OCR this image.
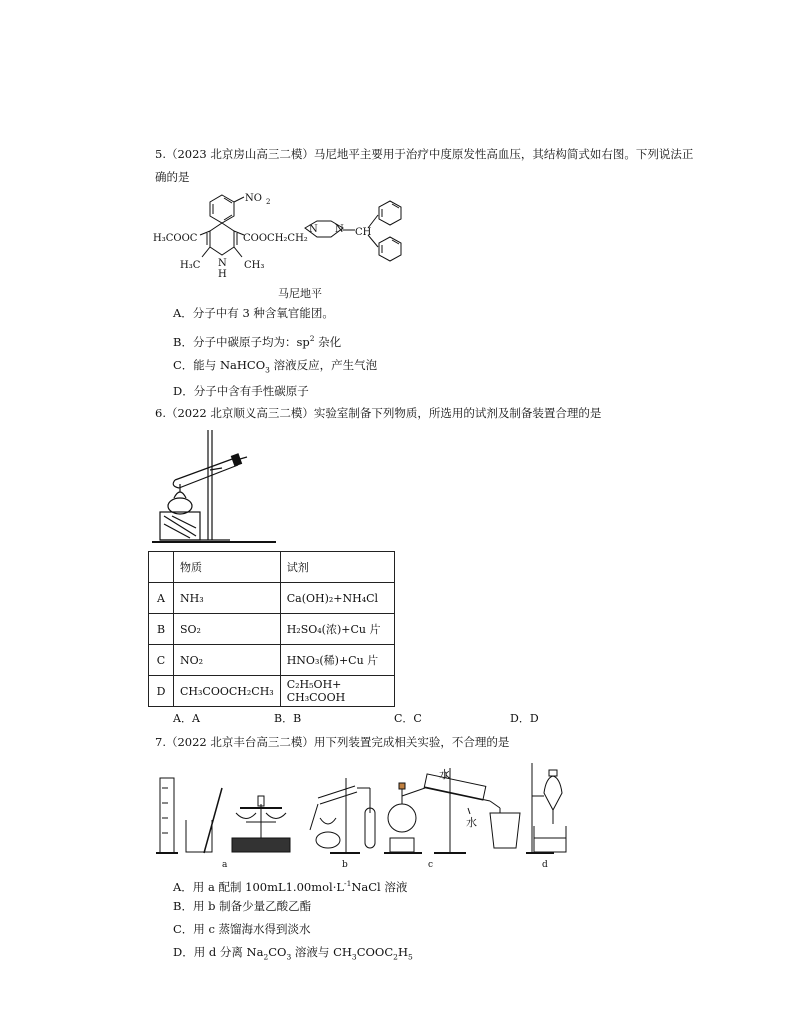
5.（2023 北京房山高三二模）马尼地平主要用于治疗中度原发性高血压，其结构简式如右图。下列说法正
确的是
NO 2
H₃COOC	COOCH₂CH₂
N N CH
H₃C	CH₃
N
H
马尼地平
A．分子中有 3 种含氧官能团。
B．分子中碳原子均为：$sp^2$ 杂化
C．能与 NaHCO$_3$ 溶液反应，产生气泡
D．分子中含有手性碳原子
6.（2022 北京顺义高三二模）实验室制备下列物质，所选用的试剂及制备装置合理的是
	物质	试剂
A	NH₃	Ca(OH)₂+NH₄Cl
B	SO₂	H₂SO₄(浓)+Cu 片
C	NO₂	HNO₃(稀)+Cu 片
D	CH₃COOCH₂CH₃	C₂H₅OH+ CH₃COOH
A．A	B．B	C．C	D．D
7.（2022 北京丰台高三二模）用下列装置完成相关实验，不合理的是
水
水
a	b	c	d
A．用 a 配制 $100mL1.00mol\cdot L^{-1}NaCl$ 溶液
B．用 b 制备少量乙酸乙酯
C．用 c 蒸馏海水得到淡水
D．用 d 分离 $Na_2CO_3$ 溶液与 $CH_3COOC_2H_5$
